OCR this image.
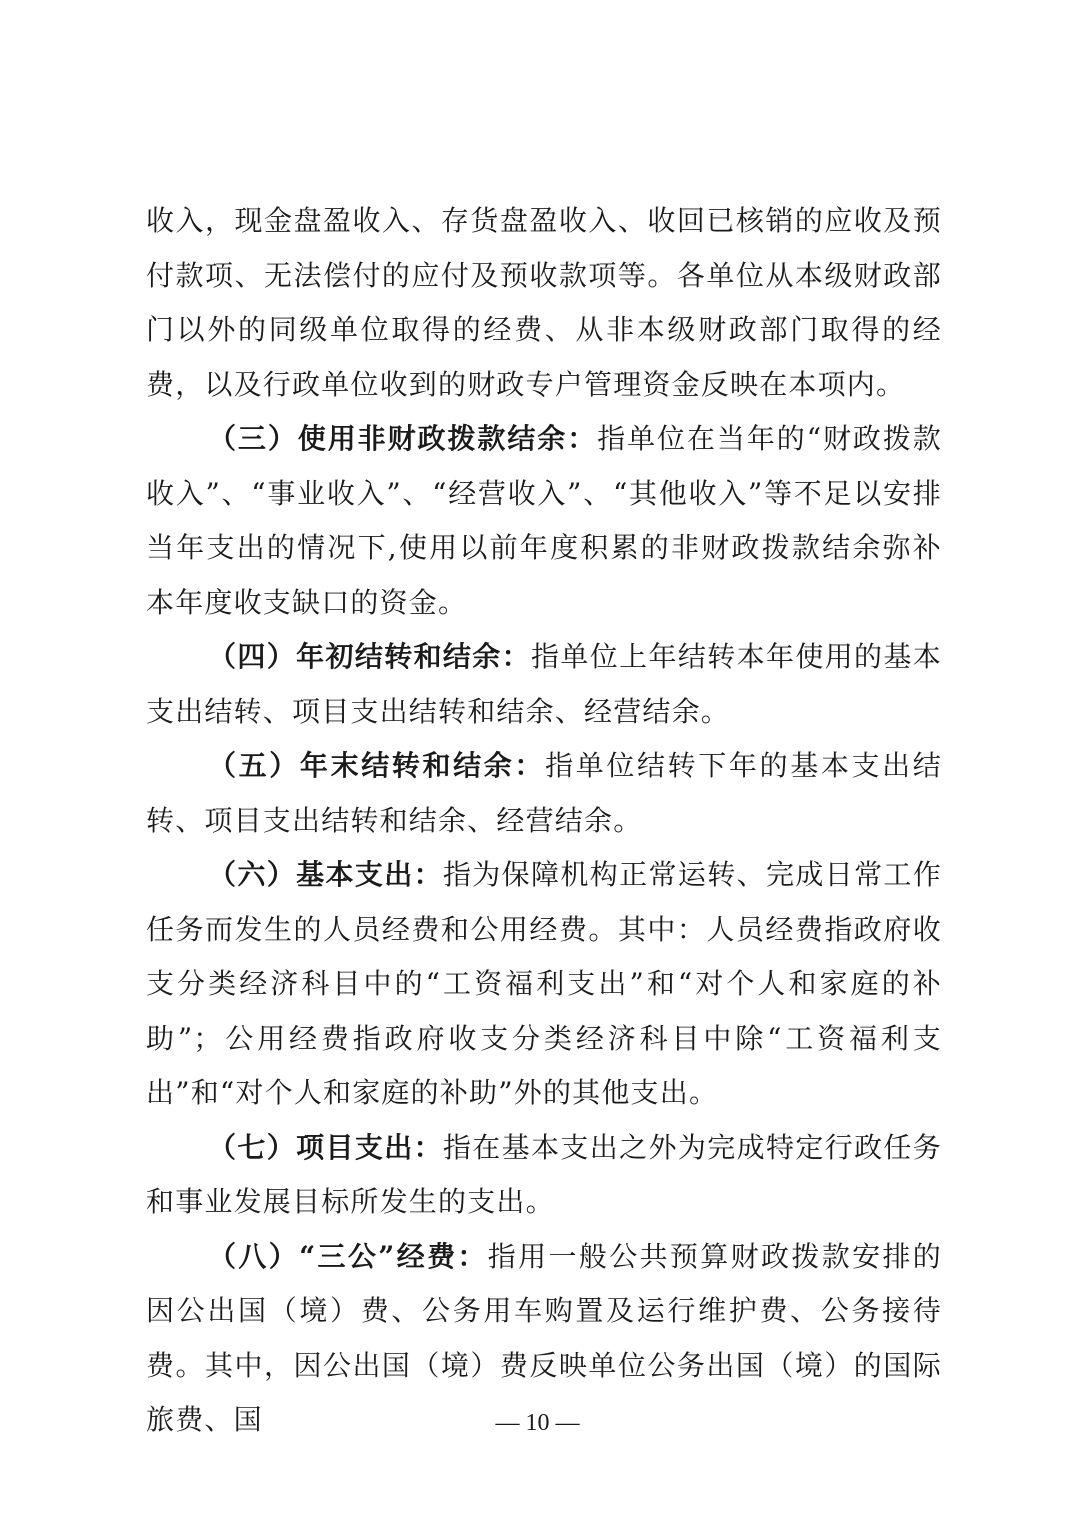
收入，现金盘盈收入、存货盘盈收入、收回已核销的应收及预付款项、无法偿付的应付及预收款项等。各单位从本级财政部门以外的同级单位取得的经费、从非本级财政部门取得的经费，以及行政单位收到的财政专户管理资金反映在本项内。

（三）使用非财政拨款结余：指单位在当年的“财政拨款收入”、“事业收入”、“经营收入”、“其他收入”等不足以安排当年支出的情况下,使用以前年度积累的非财政拨款结余弥补本年度收支缺口的资金。

（四）年初结转和结余：指单位上年结转本年使用的基本支出结转、项目支出结转和结余、经营结余。

（五）年末结转和结余：指单位结转下年的基本支出结转、项目支出结转和结余、经营结余。

（六）基本支出：指为保障机构正常运转、完成日常工作任务而发生的人员经费和公用经费。其中：人员经费指政府收支分类经济科目中的“工资福利支出”和“对个人和家庭的补助”；公用经费指政府收支分类经济科目中除“工资福利支出”和“对个人和家庭的补助”外的其他支出。

（七）项目支出：指在基本支出之外为完成特定行政任务和事业发展目标所发生的支出。

（八）“三公”经费：指用一般公共预算财政拨款安排的因公出国（境）费、公务用车购置及运行维护费、公务接待费。其中，因公出国（境）费反映单位公务出国（境）的国际旅费、国	— 10 —
